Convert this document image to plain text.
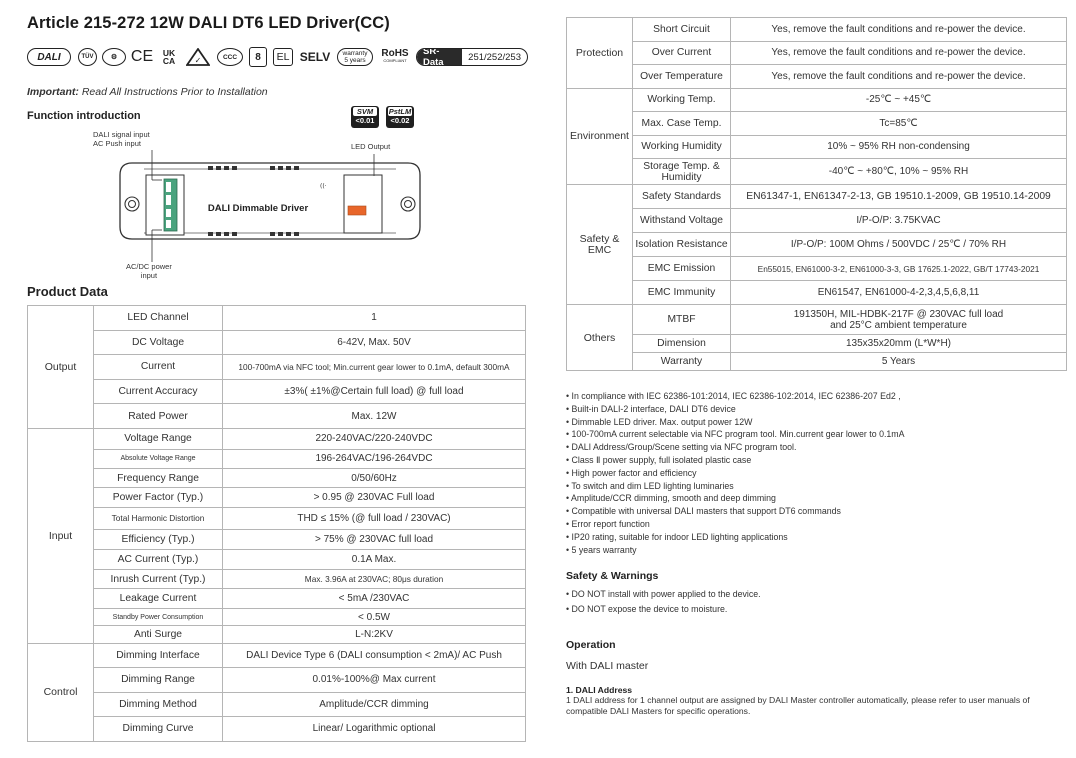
Article 215-272 12W DALI DT6 LED Driver(CC)
DALI	TÜV	⚙ CE UK
CA ✓	CCC	8	EL SELV	warranty
5 years
RoHS
COMPLIANT
SR-Data	251/252/253
Important: Read All Instructions Prior to Installation
Function introduction	SVM
<0.01
PstLM
<0.02
DALI signal input
AC Push input	LED Output
AC/DC power
input
((·
DALI Dimmable Driver
Product Data
Output	LED Channel	1
	DC Voltage	6-42V, Max. 50V
	Current	100-700mA via NFC tool; Min.current gear lower to 0.1mA, default 300mA
	Current Accuracy	±3%( ±1%@Certain full load) @ full load
	Rated Power	Max. 12W
Input	Voltage Range	220-240VAC/220-240VDC
	Absolute Voltage Range	196-264VAC/196-264VDC
	Frequency Range	0/50/60Hz
	Power Factor (Typ.)	> 0.95 @ 230VAC Full load
	Total Harmonic Distortion	THD ≤ 15% (@ full load / 230VAC)
	Efficiency (Typ.)	> 75% @ 230VAC full load
	AC Current (Typ.)	0.1A Max.
	Inrush Current (Typ.)	Max. 3.96A at 230VAC; 80μs duration
	Leakage Current	< 5mA /230VAC
	Standby Power Consumption	< 0.5W
	Anti Surge	L-N:2KV
Control	Dimming Interface	DALI Device Type 6 (DALI consumption < 2mA)/ AC Push
	Dimming Range	0.01%-100%@ Max current
	Dimming Method	Amplitude/CCR dimming
	Dimming Curve	Linear/ Logarithmic optional
Protection	Short Circuit	Yes, remove the fault conditions and re-power the device.
	Over Current	Yes, remove the fault conditions and re-power the device.
	Over Temperature	Yes, remove the fault conditions and re-power the device.
Environment	Working Temp.	-25℃ ~ +45℃
	Max. Case Temp.	Tc=85℃
	Working Humidity	10% ~ 95% RH non-condensing
	Storage Temp. & Humidity	-40℃ ~ +80℃, 10% ~ 95% RH
Safety & EMC	Safety Standards	EN61347-1, EN61347-2-13, GB 19510.1-2009, GB 19510.14-2009
	Withstand Voltage	I/P-O/P: 3.75KVAC
	Isolation Resistance	I/P-O/P: 100M Ohms / 500VDC / 25℃ / 70% RH
	EMC Emission	En55015, EN61000-3-2, EN61000-3-3, GB 17625.1-2022, GB/T 17743-2021
	EMC Immunity	EN61547, EN61000-4-2,3,4,5,6,8,11
Others	MTBF	191350H, MIL-HDBK-217F @ 230VAC full load and 25°C ambient temperature
	Dimension	135x35x20mm (L*W*H)
	Warranty	5 Years
• In compliance with IEC 62386-101:2014, IEC 62386-102:2014, IEC 62386-207 Ed2 ,
• Built-in DALI-2 interface, DALI DT6 device
• Dimmable LED driver. Max. output power 12W
• 100-700mA current selectable via NFC program tool. Min.current gear lower to 0.1mA
• DALI Address/Group/Scene setting via NFC program tool.
• Class Ⅱ power supply, full isolated plastic case
• High power factor and efficiency
• To switch and dim LED lighting luminaries
• Amplitude/CCR dimming, smooth and deep dimming
• Compatible with universal DALI masters that support DT6 commands
• Error report function
• IP20 rating, suitable for indoor LED lighting applications
• 5 years warranty
Safety & Warnings
• DO NOT install with power applied to the device.
• DO NOT expose the device to moisture.
Operation
With DALI master
1. DALI Address
1 DALI address for 1 channel output are assigned by DALI Master controller automatically, please refer to user manuals of compatible DALI Masters for specific operations.
